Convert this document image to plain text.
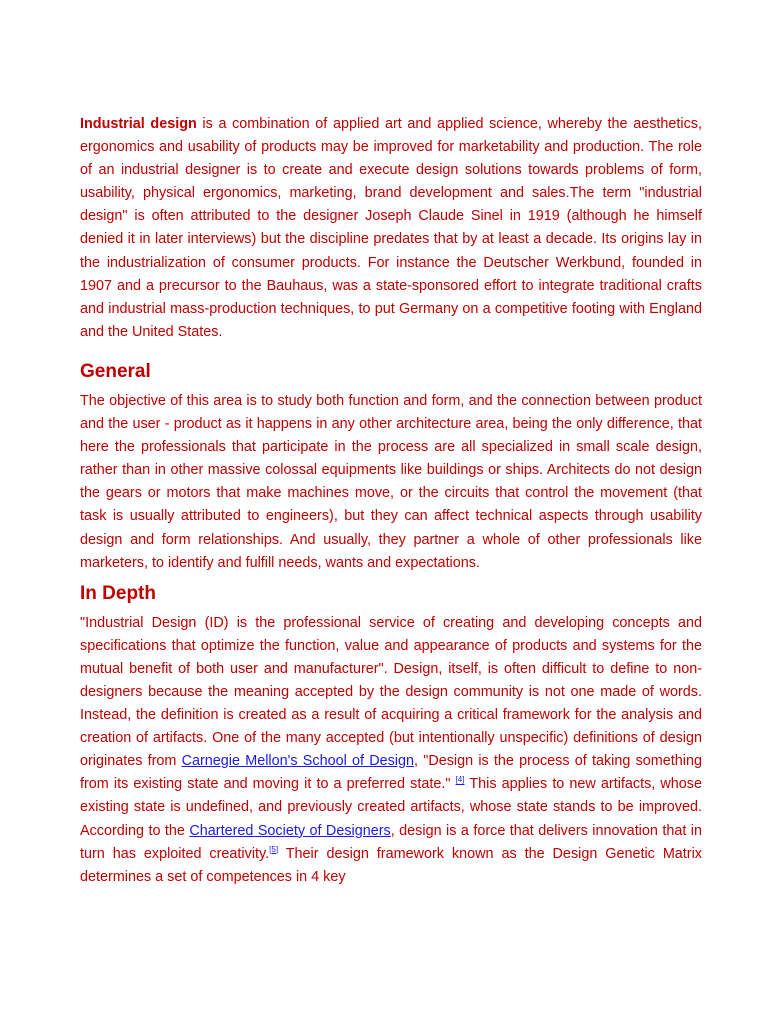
Industrial design is a combination of applied art and applied science, whereby the aesthetics, ergonomics and usability of products may be improved for marketability and production. The role of an industrial designer is to create and execute design solutions towards problems of form, usability, physical ergonomics, marketing, brand development and sales.The term "industrial design" is often attributed to the designer Joseph Claude Sinel in 1919 (although he himself denied it in later interviews) but the discipline predates that by at least a decade. Its origins lay in the industrialization of consumer products. For instance the Deutscher Werkbund, founded in 1907 and a precursor to the Bauhaus, was a state-sponsored effort to integrate traditional crafts and industrial mass-production techniques, to put Germany on a competitive footing with England and the United States.

General

The objective of this area is to study both function and form, and the connection between product and the user - product as it happens in any other architecture area, being the only difference, that here the professionals that participate in the process are all specialized in small scale design, rather than in other massive colossal equipments like buildings or ships. Architects do not design the gears or motors that make machines move, or the circuits that control the movement (that task is usually attributed to engineers), but they can affect technical aspects through usability design and form relationships. And usually, they partner a whole of other professionals like marketers, to identify and fulfill needs, wants and expectations.

In Depth

"Industrial Design (ID) is the professional service of creating and developing concepts and specifications that optimize the function, value and appearance of products and systems for the mutual benefit of both user and manufacturer". Design, itself, is often difficult to define to non-designers because the meaning accepted by the design community is not one made of words. Instead, the definition is created as a result of acquiring a critical framework for the analysis and creation of artifacts. One of the many accepted (but intentionally unspecific) definitions of design originates from Carnegie Mellon's School of Design, "Design is the process of taking something from its existing state and moving it to a preferred state." [4] This applies to new artifacts, whose existing state is undefined, and previously created artifacts, whose state stands to be improved. According to the Chartered Society of Designers, design is a force that delivers innovation that in turn has exploited creativity.[5] Their design framework known as the Design Genetic Matrix determines a set of competences in 4 key
